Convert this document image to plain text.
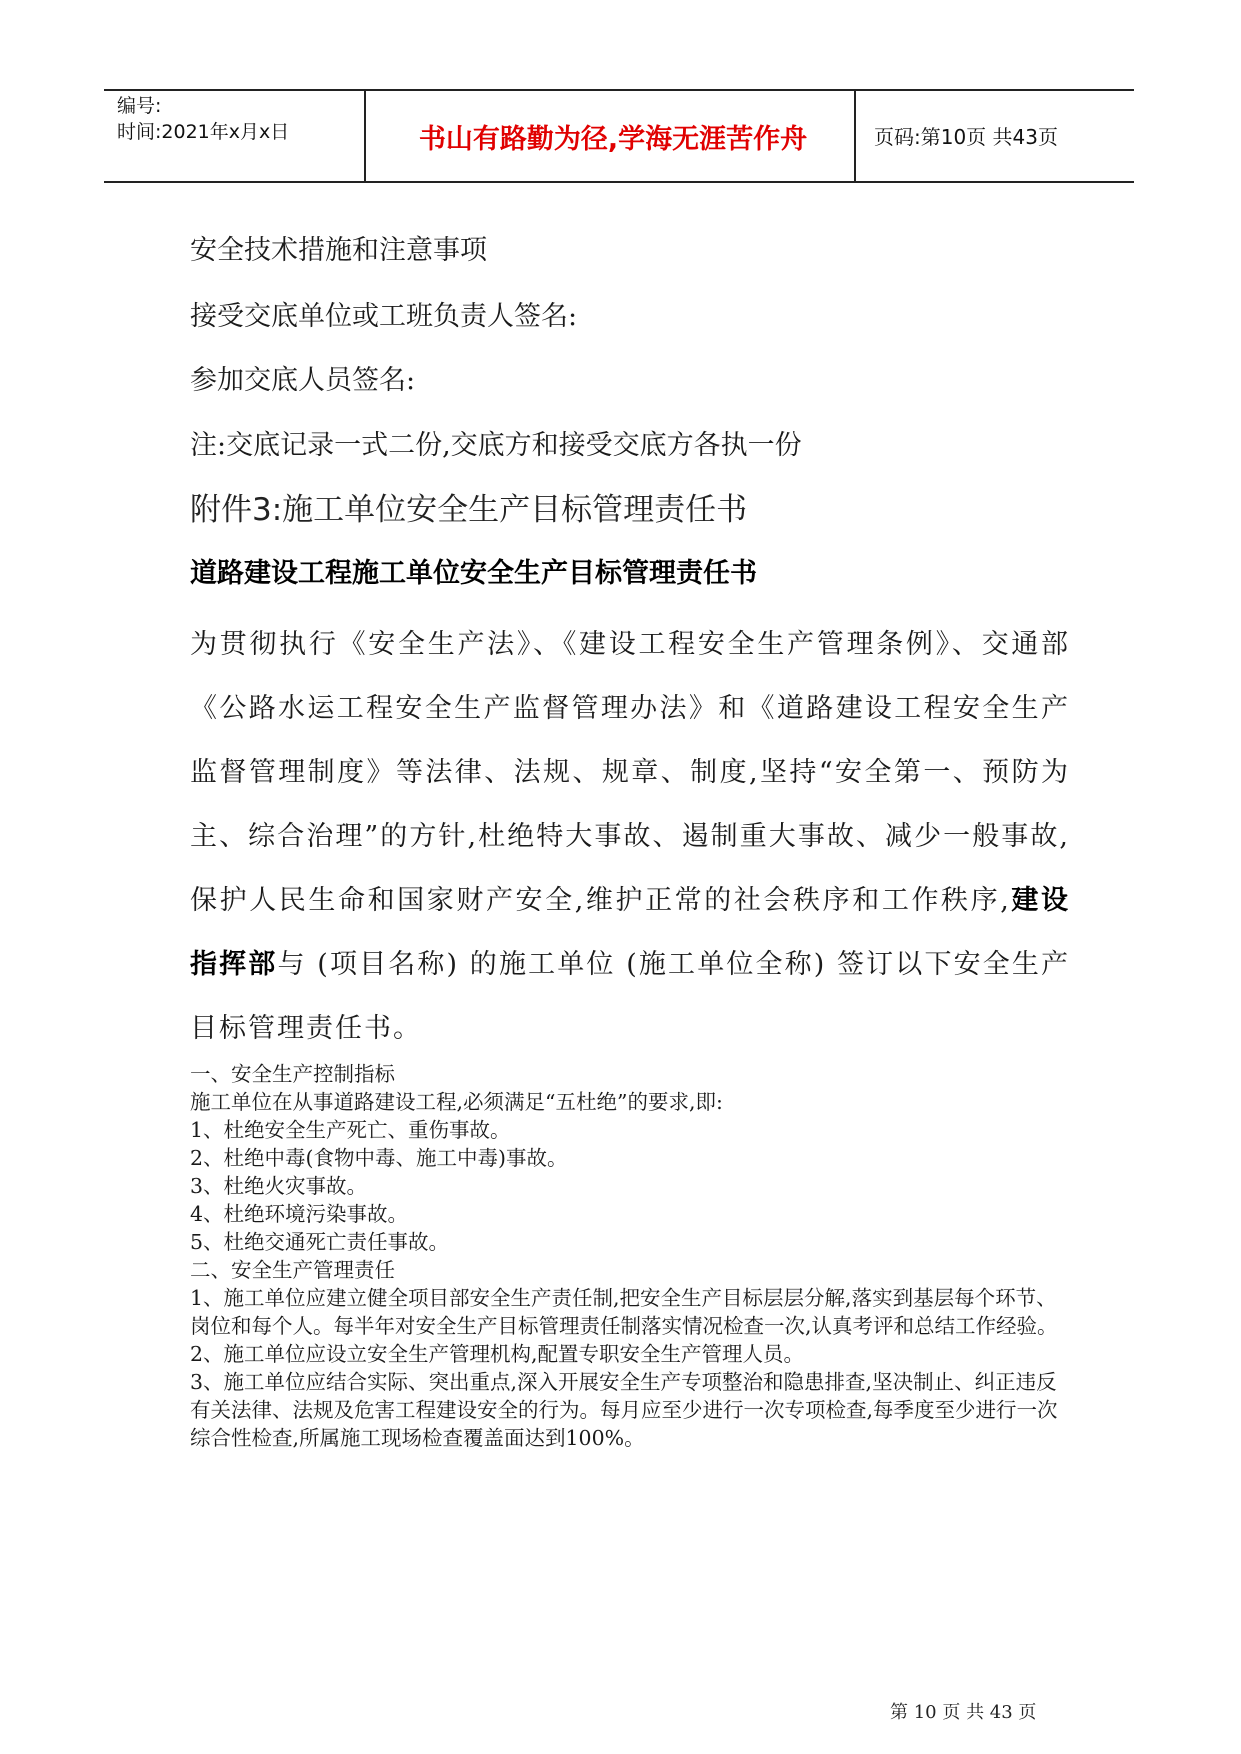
编号:
时间:2021年x月x日	书山有路勤为径,学海无涯苦作舟	页码:第10页 共43页
安全技术措施和注意事项
接受交底单位或工班负责人签名:
参加交底人员签名:
注:交底记录一式二份,交底方和接受交底方各执一份
附件3:施工单位安全生产目标管理责任书
道路建设工程施工单位安全生产目标管理责任书
为贯彻执行《安全生产法》、《建设工程安全生产管理条例》、交通部《公路水运工程安全生产监督管理办法》和《道路建设工程安全生产监督管理制度》等法律、法规、规章、制度,坚持“安全第一、预防为主、综合治理”的方针,杜绝特大事故、遏制重大事故、减少一般事故,保护人民生命和国家财产安全,维护正常的社会秩序和工作秩序,建设指挥部与 (项目名称) 的施工单位 (施工单位全称) 签订以下安全生产目标管理责任书。

一、安全生产控制指标

施工单位在从事道路建设工程,必须满足“五杜绝”的要求,即:

1、杜绝安全生产死亡、重伤事故。

2、杜绝中毒(食物中毒、施工中毒)事故。

3、杜绝火灾事故。

4、杜绝环境污染事故。

5、杜绝交通死亡责任事故。

二、安全生产管理责任

1、施工单位应建立健全项目部安全生产责任制,把安全生产目标层层分解,落实到基层每个环节、岗位和每个人。每半年对安全生产目标管理责任制落实情况检查一次,认真考评和总结工作经验。

2、施工单位应设立安全生产管理机构,配置专职安全生产管理人员。

3、施工单位应结合实际、突出重点,深入开展安全生产专项整治和隐患排查,坚决制止、纠正违反有关法律、法规及危害工程建设安全的行为。每月应至少进行一次专项检查,每季度至少进行一次综合性检查,所属施工现场检查覆盖面达到100%。

第 10 页 共 43 页
